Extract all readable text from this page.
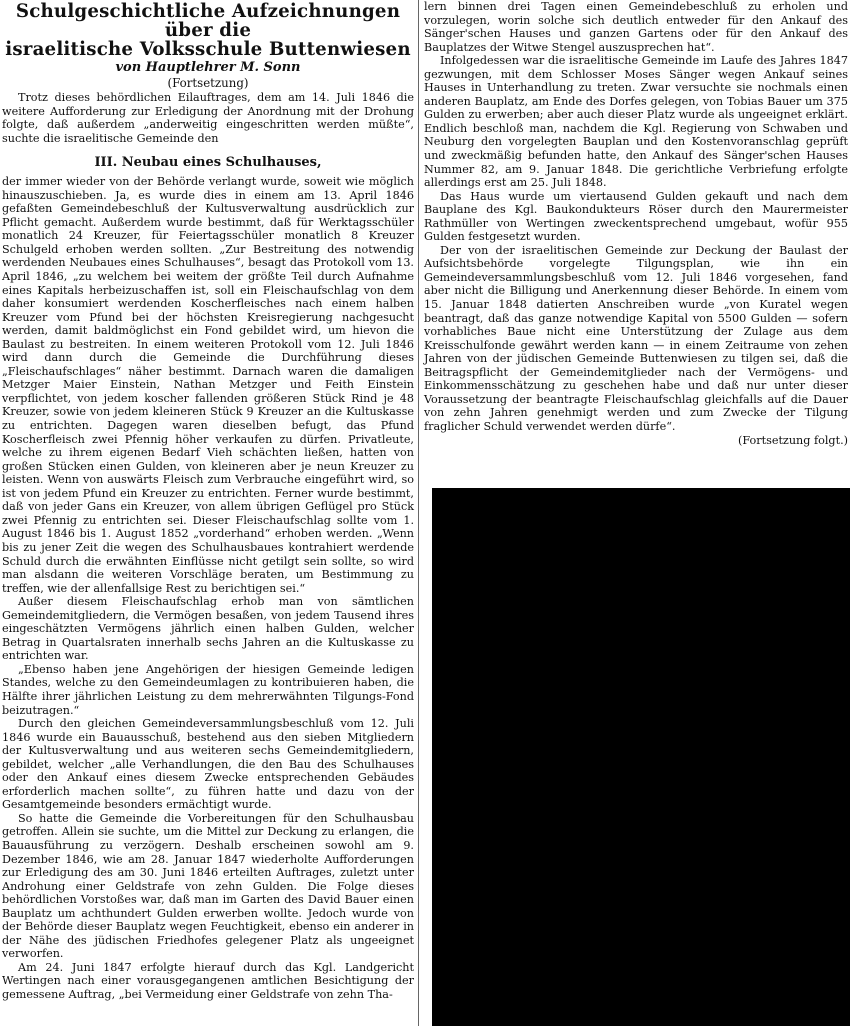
Schulgeschichtliche Aufzeichnungen über die
israelitische Volksschule Buttenwiesen
von Hauptlehrer M. Sonn
(Fortsetzung)

Trotz dieses behördlichen Eilauftrages, dem am 14. Juli 1846 die weitere Aufforderung zur Erledigung der Anordnung mit der Drohung folgte, daß außerdem „anderweitig eingeschritten werden müßte“, suchte die israelitische Gemeinde den

III. Neubau eines Schulhauses,

der immer wieder von der Behörde verlangt wurde, soweit wie möglich hinauszuschieben. Ja, es wurde dies in einem am 13. April 1846 gefaßten Gemeindebeschluß der Kultusverwaltung ausdrücklich zur Pflicht gemacht. Außerdem wurde bestimmt, daß für Werktagsschüler monatlich 24 Kreuzer, für Feiertagsschüler monatlich 8 Kreuzer Schulgeld erhoben werden sollten. „Zur Bestreitung des notwendig werdenden Neubaues eines Schulhauses“, besagt das Protokoll vom 13. April 1846, „zu welchem bei weitem der größte Teil durch Aufnahme eines Kapitals herbeizuschaffen ist, soll ein Fleischaufschlag von dem daher konsumiert werdenden Koscherfleisches nach einem halben Kreuzer vom Pfund bei der höchsten Kreisregierung nachgesucht werden, damit baldmöglichst ein Fond gebildet wird, um hievon die Baulast zu bestreiten. In einem weiteren Protokoll vom 12. Juli 1846 wird dann durch die Gemeinde die Durchführung dieses „Fleischaufschlages“ näher bestimmt. Darnach waren die damaligen Metzger Maier Einstein, Nathan Metzger und Feith Einstein verpflichtet, von jedem koscher fallenden größeren Stück Rind je 48 Kreuzer, sowie von jedem kleineren Stück 9 Kreuzer an die Kultuskasse zu entrichten. Dagegen waren dieselben befugt, das Pfund Koscherfleisch zwei Pfennig höher verkaufen zu dürfen. Privatleute, welche zu ihrem eigenen Bedarf Vieh schächten ließen, hatten von großen Stücken einen Gulden, von kleineren aber je neun Kreuzer zu leisten. Wenn von auswärts Fleisch zum Verbrauche eingeführt wird, so ist von jedem Pfund ein Kreuzer zu entrichten. Ferner wurde bestimmt, daß von jeder Gans ein Kreuzer, von allem übrigen Geflügel pro Stück zwei Pfennig zu entrichten sei. Dieser Fleischaufschlag sollte vom 1. August 1846 bis 1. August 1852 „vorderhand“ erhoben werden. „Wenn bis zu jener Zeit die wegen des Schulhausbaues kontrahiert werdende Schuld durch die erwähnten Einflüsse nicht getilgt sein sollte, so wird man alsdann die weiteren Vorschläge beraten, um Bestimmung zu treffen, wie der allenfallsige Rest zu berichtigen sei.“

Außer diesem Fleischaufschlag erhob man von sämtlichen Gemeindemitgliedern, die Vermögen besaßen, von jedem Tausend ihres eingeschätzten Vermögens jährlich einen halben Gulden, welcher Betrag in Quartalsraten innerhalb sechs Jahren an die Kultuskasse zu entrichten war.

„Ebenso haben jene Angehörigen der hiesigen Gemeinde ledigen Standes, welche zu den Gemeindeumlagen zu kontribuieren haben, die Hälfte ihrer jährlichen Leistung zu dem mehrerwähnten Tilgungs-Fond beizutragen.“

Durch den gleichen Gemeindeversammlungsbeschluß vom 12. Juli 1846 wurde ein Bauausschuß, bestehend aus den sieben Mitgliedern der Kultusverwaltung und aus weiteren sechs Gemeindemitgliedern, gebildet, welcher „alle Verhandlungen, die den Bau des Schulhauses oder den Ankauf eines diesem Zwecke entsprechenden Gebäudes erforderlich machen sollte“, zu führen hatte und dazu von der Gesamtgemeinde besonders ermächtigt wurde.

So hatte die Gemeinde die Vorbereitungen für den Schulhausbau getroffen. Allein sie suchte, um die Mittel zur Deckung zu erlangen, die Bauausführung zu verzögern. Deshalb erscheinen sowohl am 9. Dezember 1846, wie am 28. Januar 1847 wiederholte Aufforderungen zur Erledigung des am 30. Juni 1846 erteilten Auftrages, zuletzt unter Androhung einer Geldstrafe von zehn Gulden. Die Folge dieses behördlichen Vorstoßes war, daß man im Garten des David Bauer einen Bauplatz um achthundert Gulden erwerben wollte. Jedoch wurde von der Behörde dieser Bauplatz wegen Feuchtigkeit, ebenso ein anderer in der Nähe des jüdischen Friedhofes gelegener Platz als ungeeignet verworfen.

Am 24. Juni 1847 erfolgte hierauf durch das Kgl. Landgericht Wertingen nach einer vorausgegangenen amtlichen Besichtigung der gemessene Auftrag, „bei Vermeidung einer Geldstrafe von zehn Tha-

lern binnen drei Tagen einen Gemeindebeschluß zu erholen und vorzulegen, worin solche sich deutlich entweder für den Ankauf des Sänger'schen Hauses und ganzen Gartens oder für den Ankauf des Bauplatzes der Witwe Stengel auszusprechen hat“.

Infolgedessen war die israelitische Gemeinde im Laufe des Jahres 1847 gezwungen, mit dem Schlosser Moses Sänger wegen Ankauf seines Hauses in Unterhandlung zu treten. Zwar versuchte sie nochmals einen anderen Bauplatz, am Ende des Dorfes gelegen, von Tobias Bauer um 375 Gulden zu erwerben; aber auch dieser Platz wurde als ungeeignet erklärt. Endlich beschloß man, nachdem die Kgl. Regierung von Schwaben und Neuburg den vorgelegten Bauplan und den Kostenvoranschlag geprüft und zweckmäßig befunden hatte, den Ankauf des Sänger'schen Hauses Nummer 82, am 9. Januar 1848. Die gerichtliche Verbriefung erfolgte allerdings erst am 25. Juli 1848.

Das Haus wurde um viertausend Gulden gekauft und nach dem Bauplane des Kgl. Baukondukteurs Röser durch den Maurermeister Rathmüller von Wertingen zweckentsprechend umgebaut, wofür 955 Gulden festgesetzt wurden.

Der von der israelitischen Gemeinde zur Deckung der Baulast der Aufsichtsbehörde vorgelegte Tilgungsplan, wie ihn ein Gemeindeversammlungsbeschluß vom 12. Juli 1846 vorgesehen, fand aber nicht die Billigung und Anerkennung dieser Behörde. In einem vom 15. Januar 1848 datierten Anschreiben wurde „von Kuratel wegen beantragt, daß das ganze notwendige Kapital von 5500 Gulden — sofern vorhabliches Baue nicht eine Unterstützung der Zulage aus dem Kreisschulfonde gewährt werden kann — in einem Zeitraume von zehen Jahren von der jüdischen Gemeinde Buttenwiesen zu tilgen sei, daß die Beitragspflicht der Gemeindemitglieder nach der Vermögens- und Einkommensschätzung zu geschehen habe und daß nur unter dieser Voraussetzung der beantragte Fleischaufschlag gleichfalls auf die Dauer von zehn Jahren genehmigt werden und zum Zwecke der Tilgung fraglicher Schuld verwendet werden dürfe“.

(Fortsetzung folgt.)
